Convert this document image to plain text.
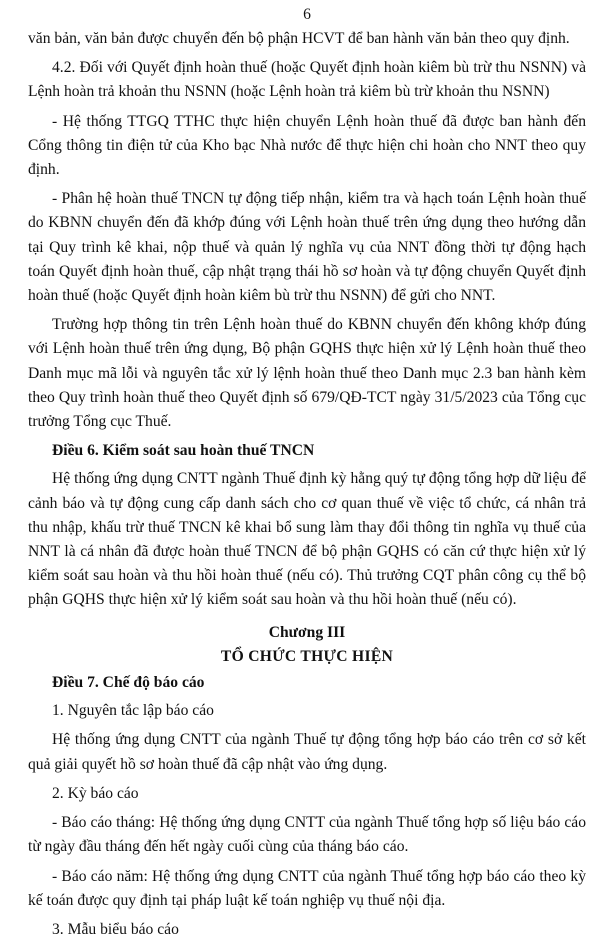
6

văn bản, văn bản được chuyển đến bộ phận HCVT để ban hành văn bản theo quy định.

4.2. Đối với Quyết định hoàn thuế (hoặc Quyết định hoàn kiêm bù trừ thu NSNN) và Lệnh hoàn trả khoản thu NSNN (hoặc Lệnh hoàn trả kiêm bù trừ khoản thu NSNN)

- Hệ thống TTGQ TTHC thực hiện chuyển Lệnh hoàn thuế đã được ban hành đến Cổng thông tin điện tử của Kho bạc Nhà nước để thực hiện chi hoàn cho NNT theo quy định.

- Phân hệ hoàn thuế TNCN tự động tiếp nhận, kiểm tra và hạch toán Lệnh hoàn thuế do KBNN chuyển đến đã khớp đúng với Lệnh hoàn thuế trên ứng dụng theo hướng dẫn tại Quy trình kê khai, nộp thuế và quản lý nghĩa vụ của NNT đồng thời tự động hạch toán Quyết định hoàn thuế, cập nhật trạng thái hồ sơ hoàn và tự động chuyển Quyết định hoàn thuế (hoặc Quyết định hoàn kiêm bù trừ thu NSNN) để gửi cho NNT.

Trường hợp thông tin trên Lệnh hoàn thuế do KBNN chuyển đến không khớp đúng với Lệnh hoàn thuế trên ứng dụng, Bộ phận GQHS thực hiện xử lý Lệnh hoàn thuế theo Danh mục mã lỗi và nguyên tắc xử lý lệnh hoàn thuế theo Danh mục 2.3 ban hành kèm theo Quy trình hoàn thuế theo Quyết định số 679/QĐ-TCT ngày 31/5/2023 của Tổng cục trưởng Tổng cục Thuế.

Điều 6. Kiểm soát sau hoàn thuế TNCN

Hệ thống ứng dụng CNTT ngành Thuế định kỳ hằng quý tự động tổng hợp dữ liệu để cảnh báo và tự động cung cấp danh sách cho cơ quan thuế về việc tổ chức, cá nhân trả thu nhập, khấu trừ thuế TNCN kê khai bổ sung làm thay đổi thông tin nghĩa vụ thuế của NNT là cá nhân đã được hoàn thuế TNCN để bộ phận GQHS có căn cứ thực hiện xử lý kiểm soát sau hoàn và thu hồi hoàn thuế (nếu có). Thủ trưởng CQT phân công cụ thể bộ phận GQHS thực hiện xử lý kiểm soát sau hoàn và thu hồi hoàn thuế (nếu có).

Chương III
TỔ CHỨC THỰC HIỆN
Điều 7. Chế độ báo cáo

1. Nguyên tắc lập báo cáo

Hệ thống ứng dụng CNTT của ngành Thuế tự động tổng hợp báo cáo trên cơ sở kết quả giải quyết hồ sơ hoàn thuế đã cập nhật vào ứng dụng.

2. Kỳ báo cáo

- Báo cáo tháng: Hệ thống ứng dụng CNTT của ngành Thuế tổng hợp số liệu báo cáo từ ngày đầu tháng đến hết ngày cuối cùng của tháng báo cáo.

- Báo cáo năm: Hệ thống ứng dụng CNTT của ngành Thuế tổng hợp báo cáo theo kỳ kế toán được quy định tại pháp luật kế toán nghiệp vụ thuế nội địa.

3. Mẫu biểu báo cáo
